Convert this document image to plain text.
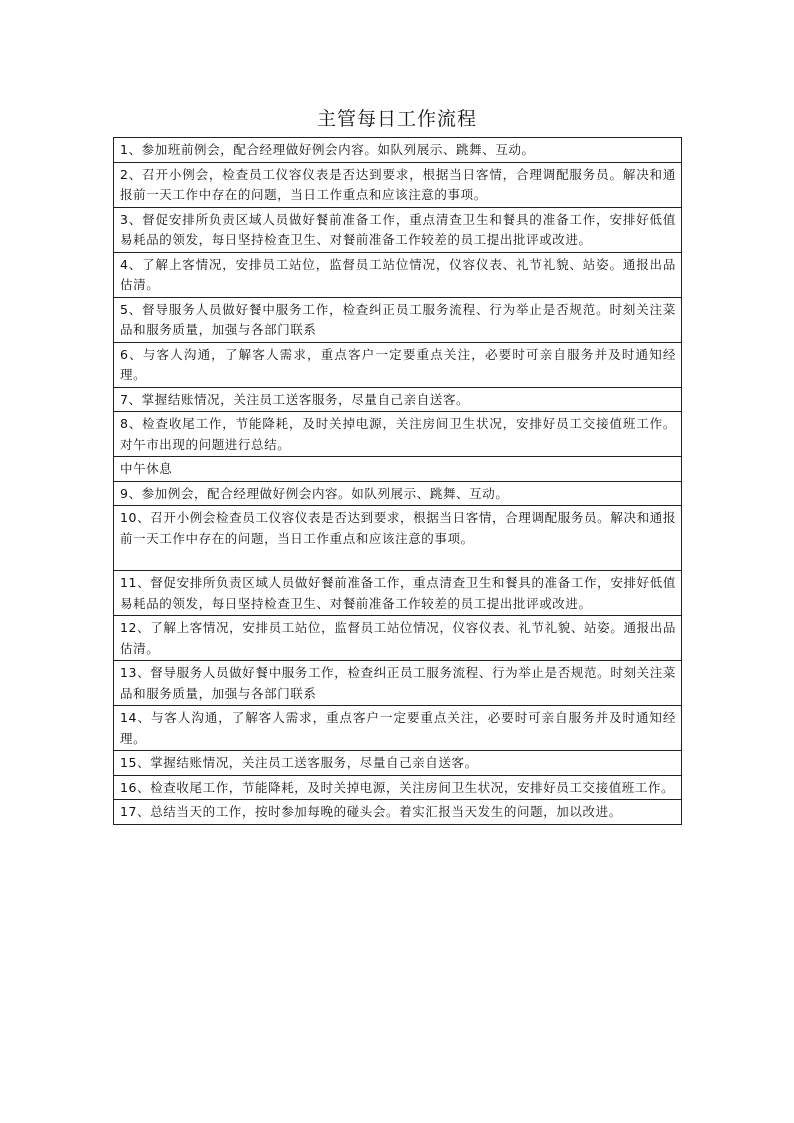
主管每日工作流程
1、参加班前例会，配合经理做好例会内容。如队列展示、跳舞、互动。
2、召开小例会，检查员工仪容仪表是否达到要求，根据当日客情，合理调配服务员。解决和通报前一天工作中存在的问题，当日工作重点和应该注意的事项。
3、督促安排所负责区域人员做好餐前准备工作，重点清查卫生和餐具的准备工作，安排好低值易耗品的领发，每日坚持检查卫生、对餐前准备工作较差的员工提出批评或改进。
4、了解上客情况，安排员工站位，监督员工站位情况，仪容仪表、礼节礼貌、站姿。通报出品估清。
5、督导服务人员做好餐中服务工作，检查纠正员工服务流程、行为举止是否规范。时刻关注菜品和服务质量，加强与各部门联系
6、与客人沟通，了解客人需求，重点客户一定要重点关注，必要时可亲自服务并及时通知经理。
7、掌握结账情况，关注员工送客服务，尽量自己亲自送客。
8、检查收尾工作，节能降耗，及时关掉电源，关注房间卫生状况，安排好员工交接值班工作。对午市出现的问题进行总结。
中午休息
9、参加例会，配合经理做好例会内容。如队列展示、跳舞、互动。
10、召开小例会检查员工仪容仪表是否达到要求，根据当日客情，合理调配服务员。解决和通报前一天工作中存在的问题，当日工作重点和应该注意的事项。
11、督促安排所负责区域人员做好餐前准备工作，重点清查卫生和餐具的准备工作，安排好低值易耗品的领发，每日坚持检查卫生、对餐前准备工作较差的员工提出批评或改进。
12、了解上客情况，安排员工站位，监督员工站位情况，仪容仪表、礼节礼貌、站姿。通报出品估清。
13、督导服务人员做好餐中服务工作，检查纠正员工服务流程、行为举止是否规范。时刻关注菜品和服务质量，加强与各部门联系
14、与客人沟通，了解客人需求，重点客户一定要重点关注，必要时可亲自服务并及时通知经理。
15、掌握结账情况，关注员工送客服务，尽量自己亲自送客。
16、检查收尾工作，节能降耗，及时关掉电源，关注房间卫生状况，安排好员工交接值班工作。
17、总结当天的工作，按时参加每晚的碰头会。着实汇报当天发生的问题，加以改进。
